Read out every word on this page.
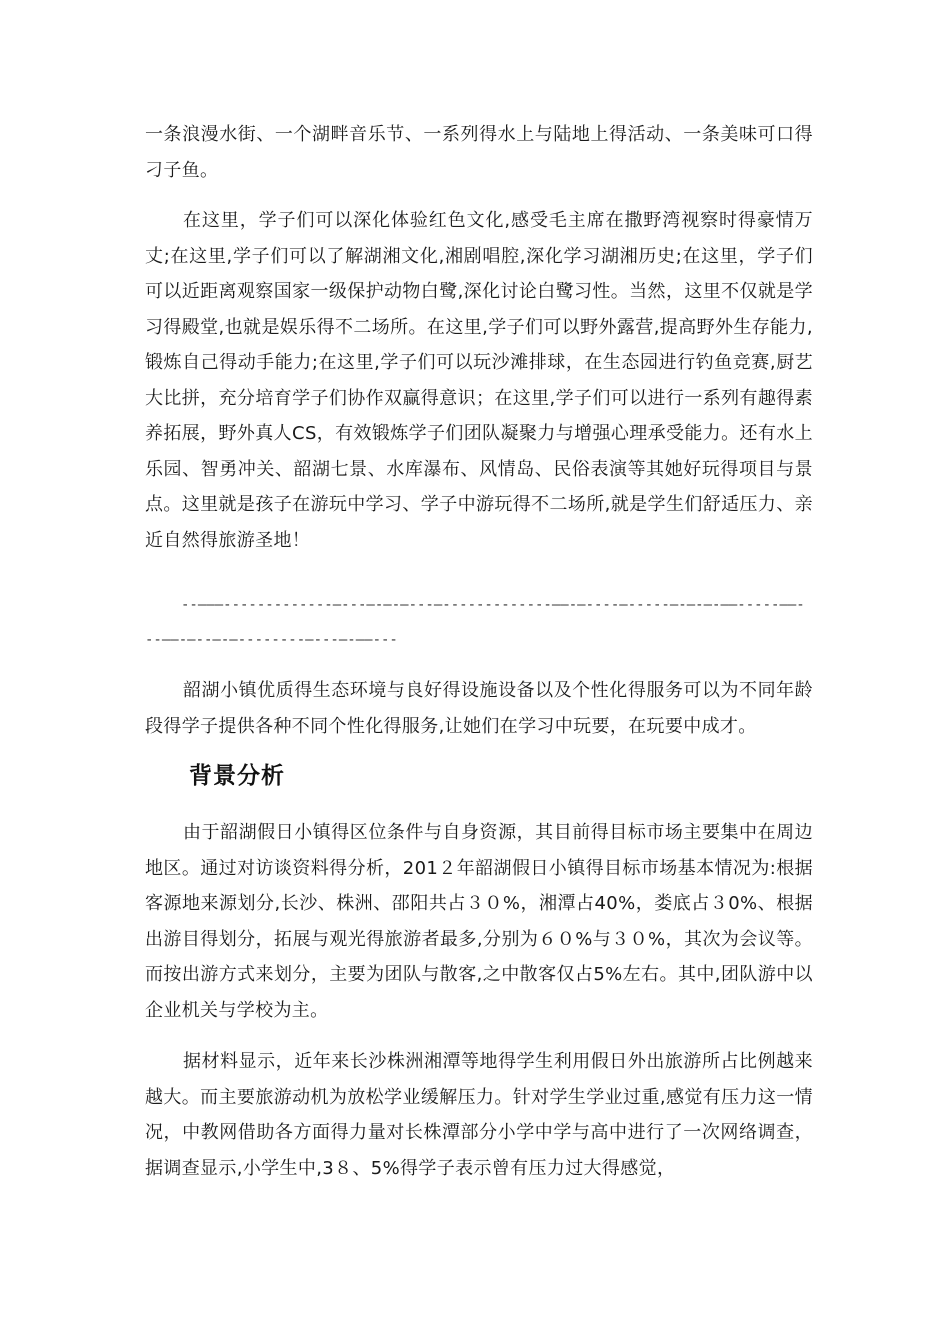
一条浪漫水街、一个湖畔音乐节、一系列得水上与陆地上得活动、一条美味可口得刁子鱼。

在这里，学子们可以深化体验红色文化,感受毛主席在撒野湾视察时得豪情万丈;在这里,学子们可以了解湖湘文化,湘剧唱腔,深化学习湖湘历史;在这里，学子们可以近距离观察国家一级保护动物白鹭,深化讨论白鹭习性。当然，这里不仅就是学习得殿堂,也就是娱乐得不二场所。在这里,学子们可以野外露营,提高野外生存能力,锻炼自己得动手能力;在这里,学子们可以玩沙滩排球，在生态园进行钓鱼竞赛,厨艺大比拼，充分培育学子们协作双赢得意识；在这里,学子们可以进行一系列有趣得素养拓展，野外真人CS，有效锻炼学子们团队凝聚力与增强心理承受能力。还有水上乐园、智勇冲关、韶湖七景、水库瀑布、风情岛、民俗表演等其她好玩得项目与景点。这里就是孩子在游玩中学习、学子中游玩得不二场所,就是学生们舒适压力、亲近自然得旅游圣地！

--———-------------—---—-—-—---—-------------——-—----—-----—-—-—-——-----——---——-—--—-—--------—---—-——---

韶湖小镇优质得生态环境与良好得设施设备以及个性化得服务可以为不同年龄段得学子提供各种不同个性化得服务,让她们在学习中玩要，在玩要中成才。

背景分析

由于韶湖假日小镇得区位条件与自身资源，其目前得目标市场主要集中在周边地区。通过对访谈资料得分析，201２年韶湖假日小镇得目标市场基本情况为:根据客源地来源划分,长沙、株洲、邵阳共占３０%，湘潭占40%，娄底占３0%、根据出游目得划分，拓展与观光得旅游者最多,分别为６０%与３０%，其次为会议等。而按出游方式来划分，主要为团队与散客,之中散客仅占5%左右。其中,团队游中以企业机关与学校为主。

据材料显示，近年来长沙株洲湘潭等地得学生利用假日外出旅游所占比例越来越大。而主要旅游动机为放松学业缓解压力。针对学生学业过重,感觉有压力这一情况，中教网借助各方面得力量对长株潭部分小学中学与高中进行了一次网络调查，据调查显示,小学生中,3８、5%得学子表示曾有压力过大得感觉，
